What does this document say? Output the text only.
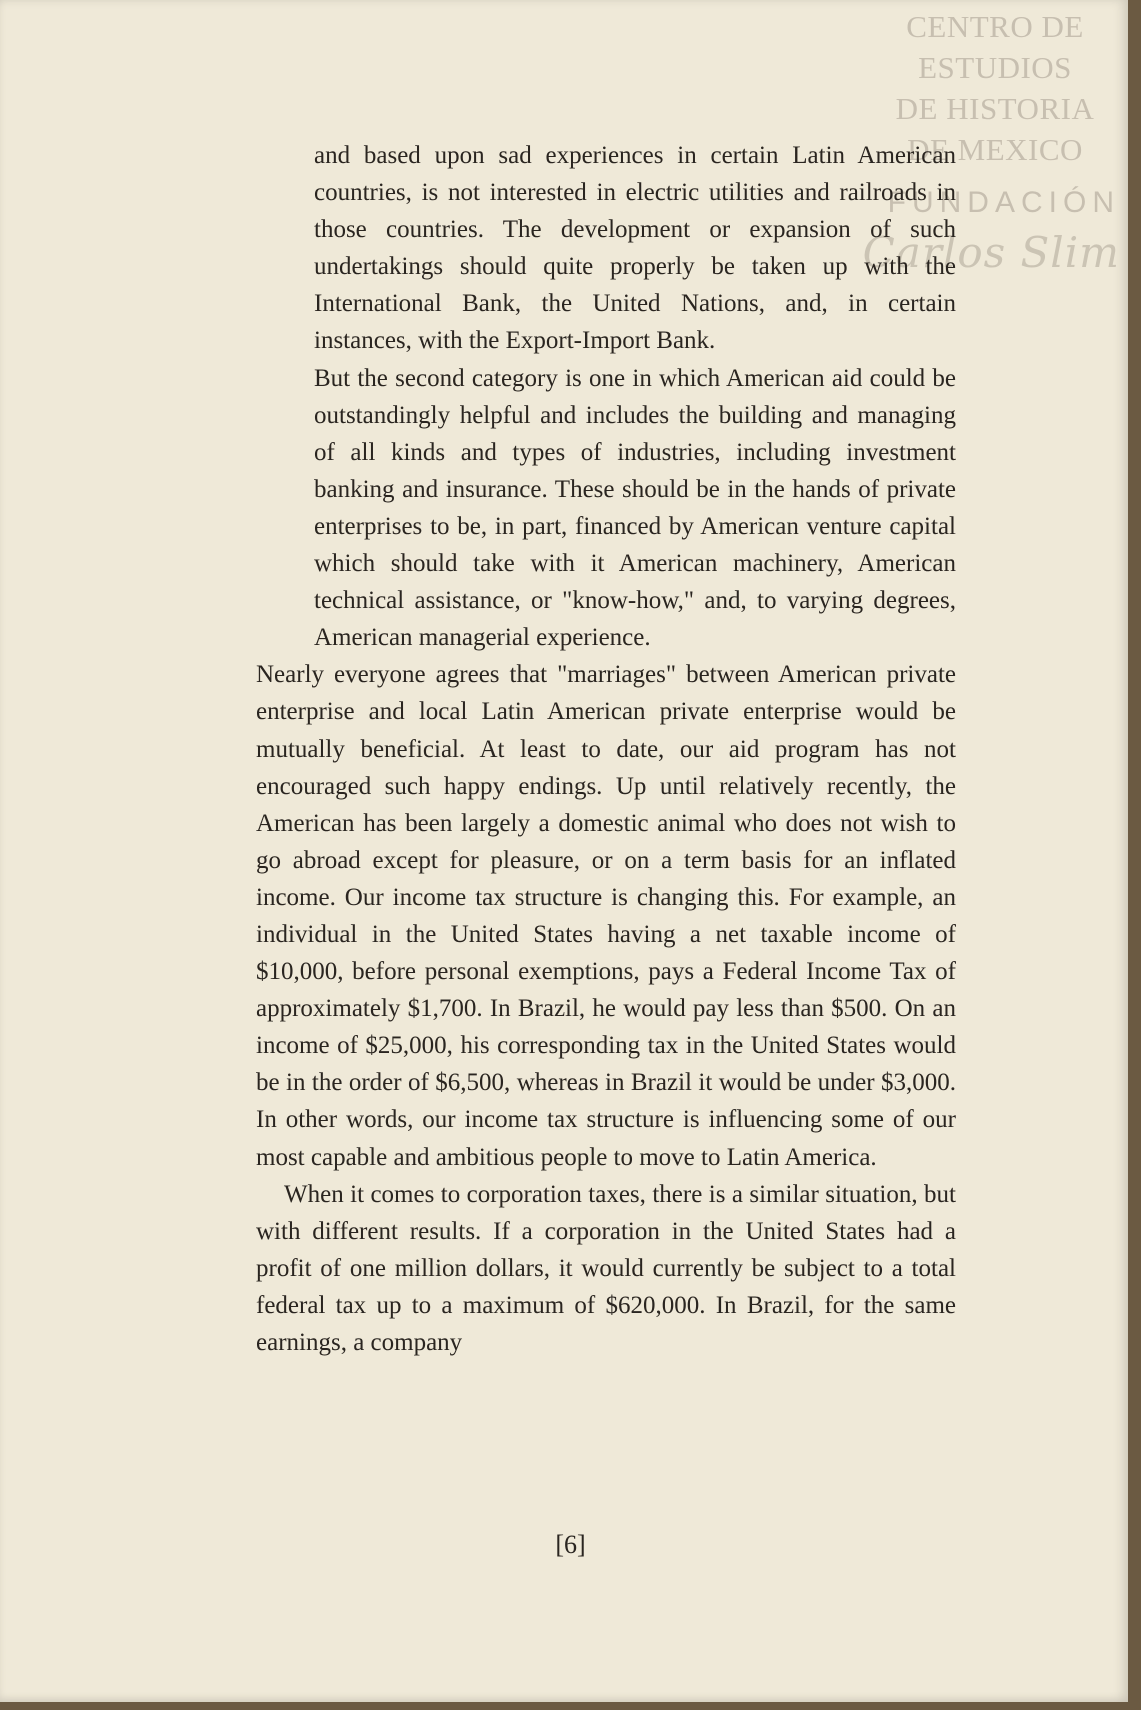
CENTRO DE
ESTUDIOS
DE HISTORIA
DE MEXICO
FUNDACIÓN
Carlos Slim

and based upon sad experiences in certain Latin American countries, is not interested in electric utilities and railroads in those countries. The development or expansion of such undertakings should quite properly be taken up with the International Bank, the United Nations, and, in certain instances, with the Export-Import Bank.

But the second category is one in which American aid could be outstandingly helpful and includes the building and managing of all kinds and types of industries, including investment banking and insurance. These should be in the hands of private enterprises to be, in part, financed by American venture capital which should take with it American machinery, American technical assistance, or "know-how," and, to varying degrees, American managerial experience.

Nearly everyone agrees that "marriages" between American private enterprise and local Latin American private enterprise would be mutually beneficial. At least to date, our aid program has not encouraged such happy endings. Up until relatively recently, the American has been largely a domestic animal who does not wish to go abroad except for pleasure, or on a term basis for an inflated income. Our income tax structure is changing this. For example, an individual in the United States having a net taxable income of $10,000, before personal exemptions, pays a Federal Income Tax of approximately $1,700. In Brazil, he would pay less than $500. On an income of $25,000, his corresponding tax in the United States would be in the order of $6,500, whereas in Brazil it would be under $3,000. In other words, our income tax structure is influencing some of our most capable and ambitious people to move to Latin America.

When it comes to corporation taxes, there is a similar situation, but with different results. If a corporation in the United States had a profit of one million dollars, it would currently be subject to a total federal tax up to a maximum of $620,000. In Brazil, for the same earnings, a company

[6]
